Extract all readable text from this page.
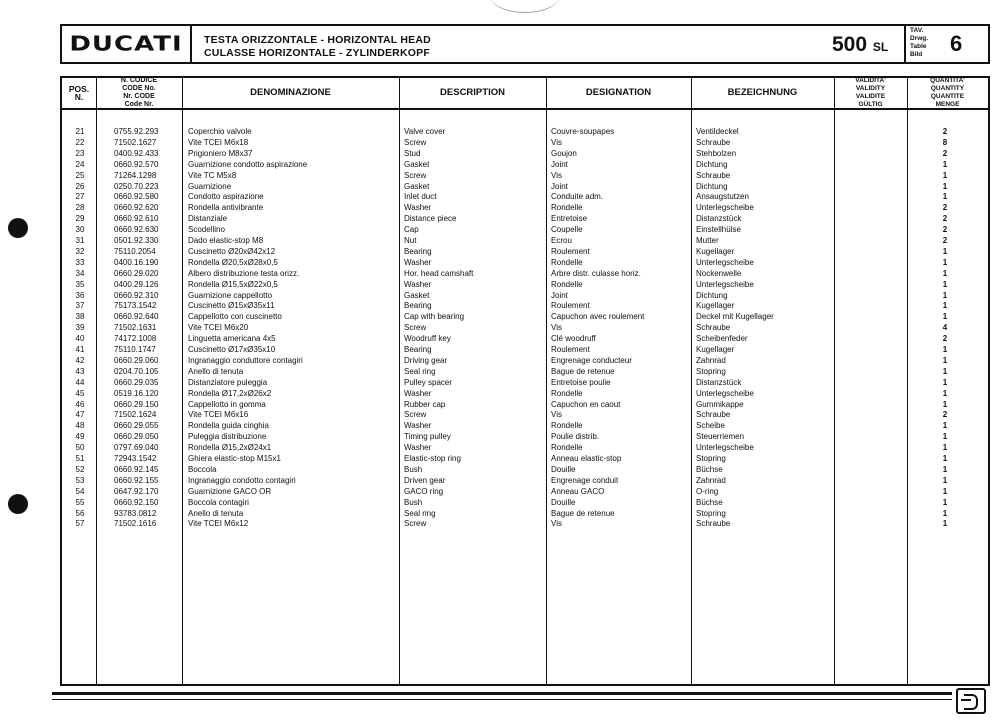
DUCATI TESTA ORIZZONTALE - HORIZONTAL HEAD
CULASSE HORIZONTALE - ZYLINDERKOPF	500 SL
TAV.
Drwg.
Table
Bild 6
POS.
N.
N. CODICE
CODE No.
Nr. CODE
Code Nr.
DENOMINAZIONE	DESCRIPTION	DESIGNATION	BEZEICHNUNG
VALIDITA'
VALIDITY
VALIDITE
GÜLTIG
QUANTITA'
QUANTITY
QUANTITE
MENGE
21	0755.92.293	Coperchio valvole	Valve cover	Couvre-soupapes	Ventildeckel	2
22	71502.1627	Vite TCEI M6x18	Screw	Vis	Schraube	8
23	0400.92.433	Prigioniero M8x37	Stud	Goujon	Stehbolzen	2
24	0660.92.570	Guarnizione condotto aspirazione	Gasket	Joint	Dichtung	1
25	71264.1298	Vite TC M5x8	Screw	Vis	Schraube	1
26	0250.70.223	Guarnizione	Gasket	Joint	Dichtung	1
27	0660.92.580	Condotto aspirazione	Inlet duct	Conduite adm.	Ansaugstutzen	1
28	0660.92.620	Rondella antivibrante	Washer	Rondelle	Unterlegscheibe	2
29	0660.92.610	Distanziale	Distance piece	Entretoise	Distanzstück	2
30	0660.92.630	Scodellino	Cap	Coupelle	Einstellhülse	2
31	0501.92.330	Dado elastic-stop M8	Nut	Ecrou	Mutter	2
32	75110.2054	Cuscinetto Ø20xØ42x12	Bearing	Roulement	Kugellager	1
33	0400.16.190	Rondella Ø20,5xØ28x0,5	Washer	Rondelle	Unterlegscheibe	1
34	0660.29.020	Albero distribuzione testa orizz.	Hor. head camshaft	Arbre distr. culasse horiz.	Nockenwelle	1
35	0400.29.126	Rondella Ø15,5xØ22x0,5	Washer	Rondelle	Unterlegscheibe	1
36	0660.92.310	Guarnizione cappellotto	Gasket	Joint	Dichtung	1
37	75173.1542	Cuscinetto Ø15xØ35x11	Bearing	Roulement	Kugellager	1
38	0660.92.640	Cappellotto con cuscinetto	Cap with bearing	Capuchon avec roulement	Deckel mit Kugellager	1
39	71502.1631	Vite TCEI M6x20	Screw	Vis	Schraube	4
40	74172.1008	Linguetta americana 4x5	Woodruff key	Clé woodruff	Scheibenfeder	2
41	75110.1747	Cuscinetto Ø17xØ35x10	Bearing	Roulement	Kugellager	1
42	0660.29.060	Ingranaggio conduttore contagiri	Driving gear	Engrenage conducteur	Zahnrad	1
43	0204.70.105	Anello di tenuta	Seal ring	Bague de retenue	Stopring	1
44	0660.29.035	Distanziatore puleggia	Pulley spacer	Entretoise poulie	Distanzstück	1
45	0519.16.120	Rondella Ø17,2xØ26x2	Washer	Rondelle	Unterlegscheibe	1
46	0660.29.150	Cappellotto in gomma	Rubber cap	Capuchon en caout	Gummikappe	1
47	71502.1624	Vite TCEI M6x16	Screw	Vis	Schraube	2
48	0660.29.055	Rondella guida cinghia	Washer	Rondelle	Scheibe	1
49	0660.29.050	Puleggia distribuzione	Timing pulley	Poulie distrib.	Steuerriemen	1
50	0797.69.040	Rondella Ø15,2xØ24x1	Washer	Rondelle	Unterlegscheibe	1
51	72943.1542	Ghiera elastic-stop M15x1	Elastic-stop ring	Anneau elastic-stop	Stopring	1
52	0660.92.145	Boccola	Bush	Douille	Büchse	1
53	0660.92.155	Ingranaggio condotto contagiri	Driven gear	Engrenage conduit	Zahnrad	1
54	0647.92.170	Guarnizione GACO OR	GACO ring	Anneau GACO	O-ring	1
55	0660.92.150	Boccola contagiri	Bush	Douille	Büchse	1
56	93783.0812	Anello di tenuta	Seal ring	Bague de retenue	Stopring	1
57	71502.1616	Vite TCEI M6x12	Screw	Vis	Schraube	1
